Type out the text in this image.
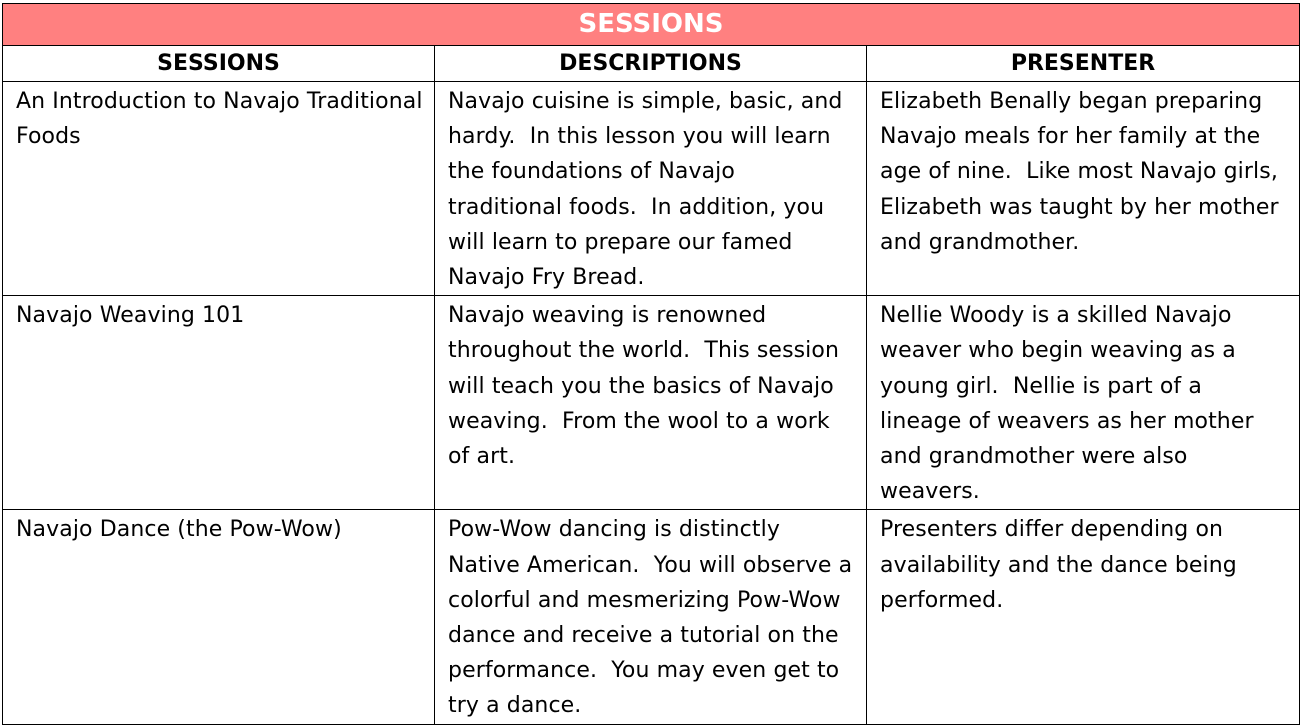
SESSIONS		
SESSIONS	DESCRIPTIONS	PRESENTER
An Introduction to Navajo Traditional Foods	Navajo cuisine is simple, basic, and hardy.  In this lesson you will learn the foundations of Navajo traditional foods.  In addition, you will learn to prepare our famed Navajo Fry Bread.	Elizabeth Benally began preparing Navajo meals for her family at the age of nine.  Like most Navajo girls, Elizabeth was taught by her mother and grandmother.
Navajo Weaving 101	Navajo weaving is renowned throughout the world.  This session will teach you the basics of Navajo weaving.  From the wool to a work of art.	Nellie Woody is a skilled Navajo weaver who begin weaving as a young girl.  Nellie is part of a lineage of weavers as her mother and grandmother were also weavers.
Navajo Dance (the Pow-Wow)	Pow-Wow dancing is distinctly Native American.  You will observe a colorful and mesmerizing Pow-Wow dance and receive a tutorial on the performance.  You may even get to try a dance.	Presenters differ depending on availability and the dance being performed.
